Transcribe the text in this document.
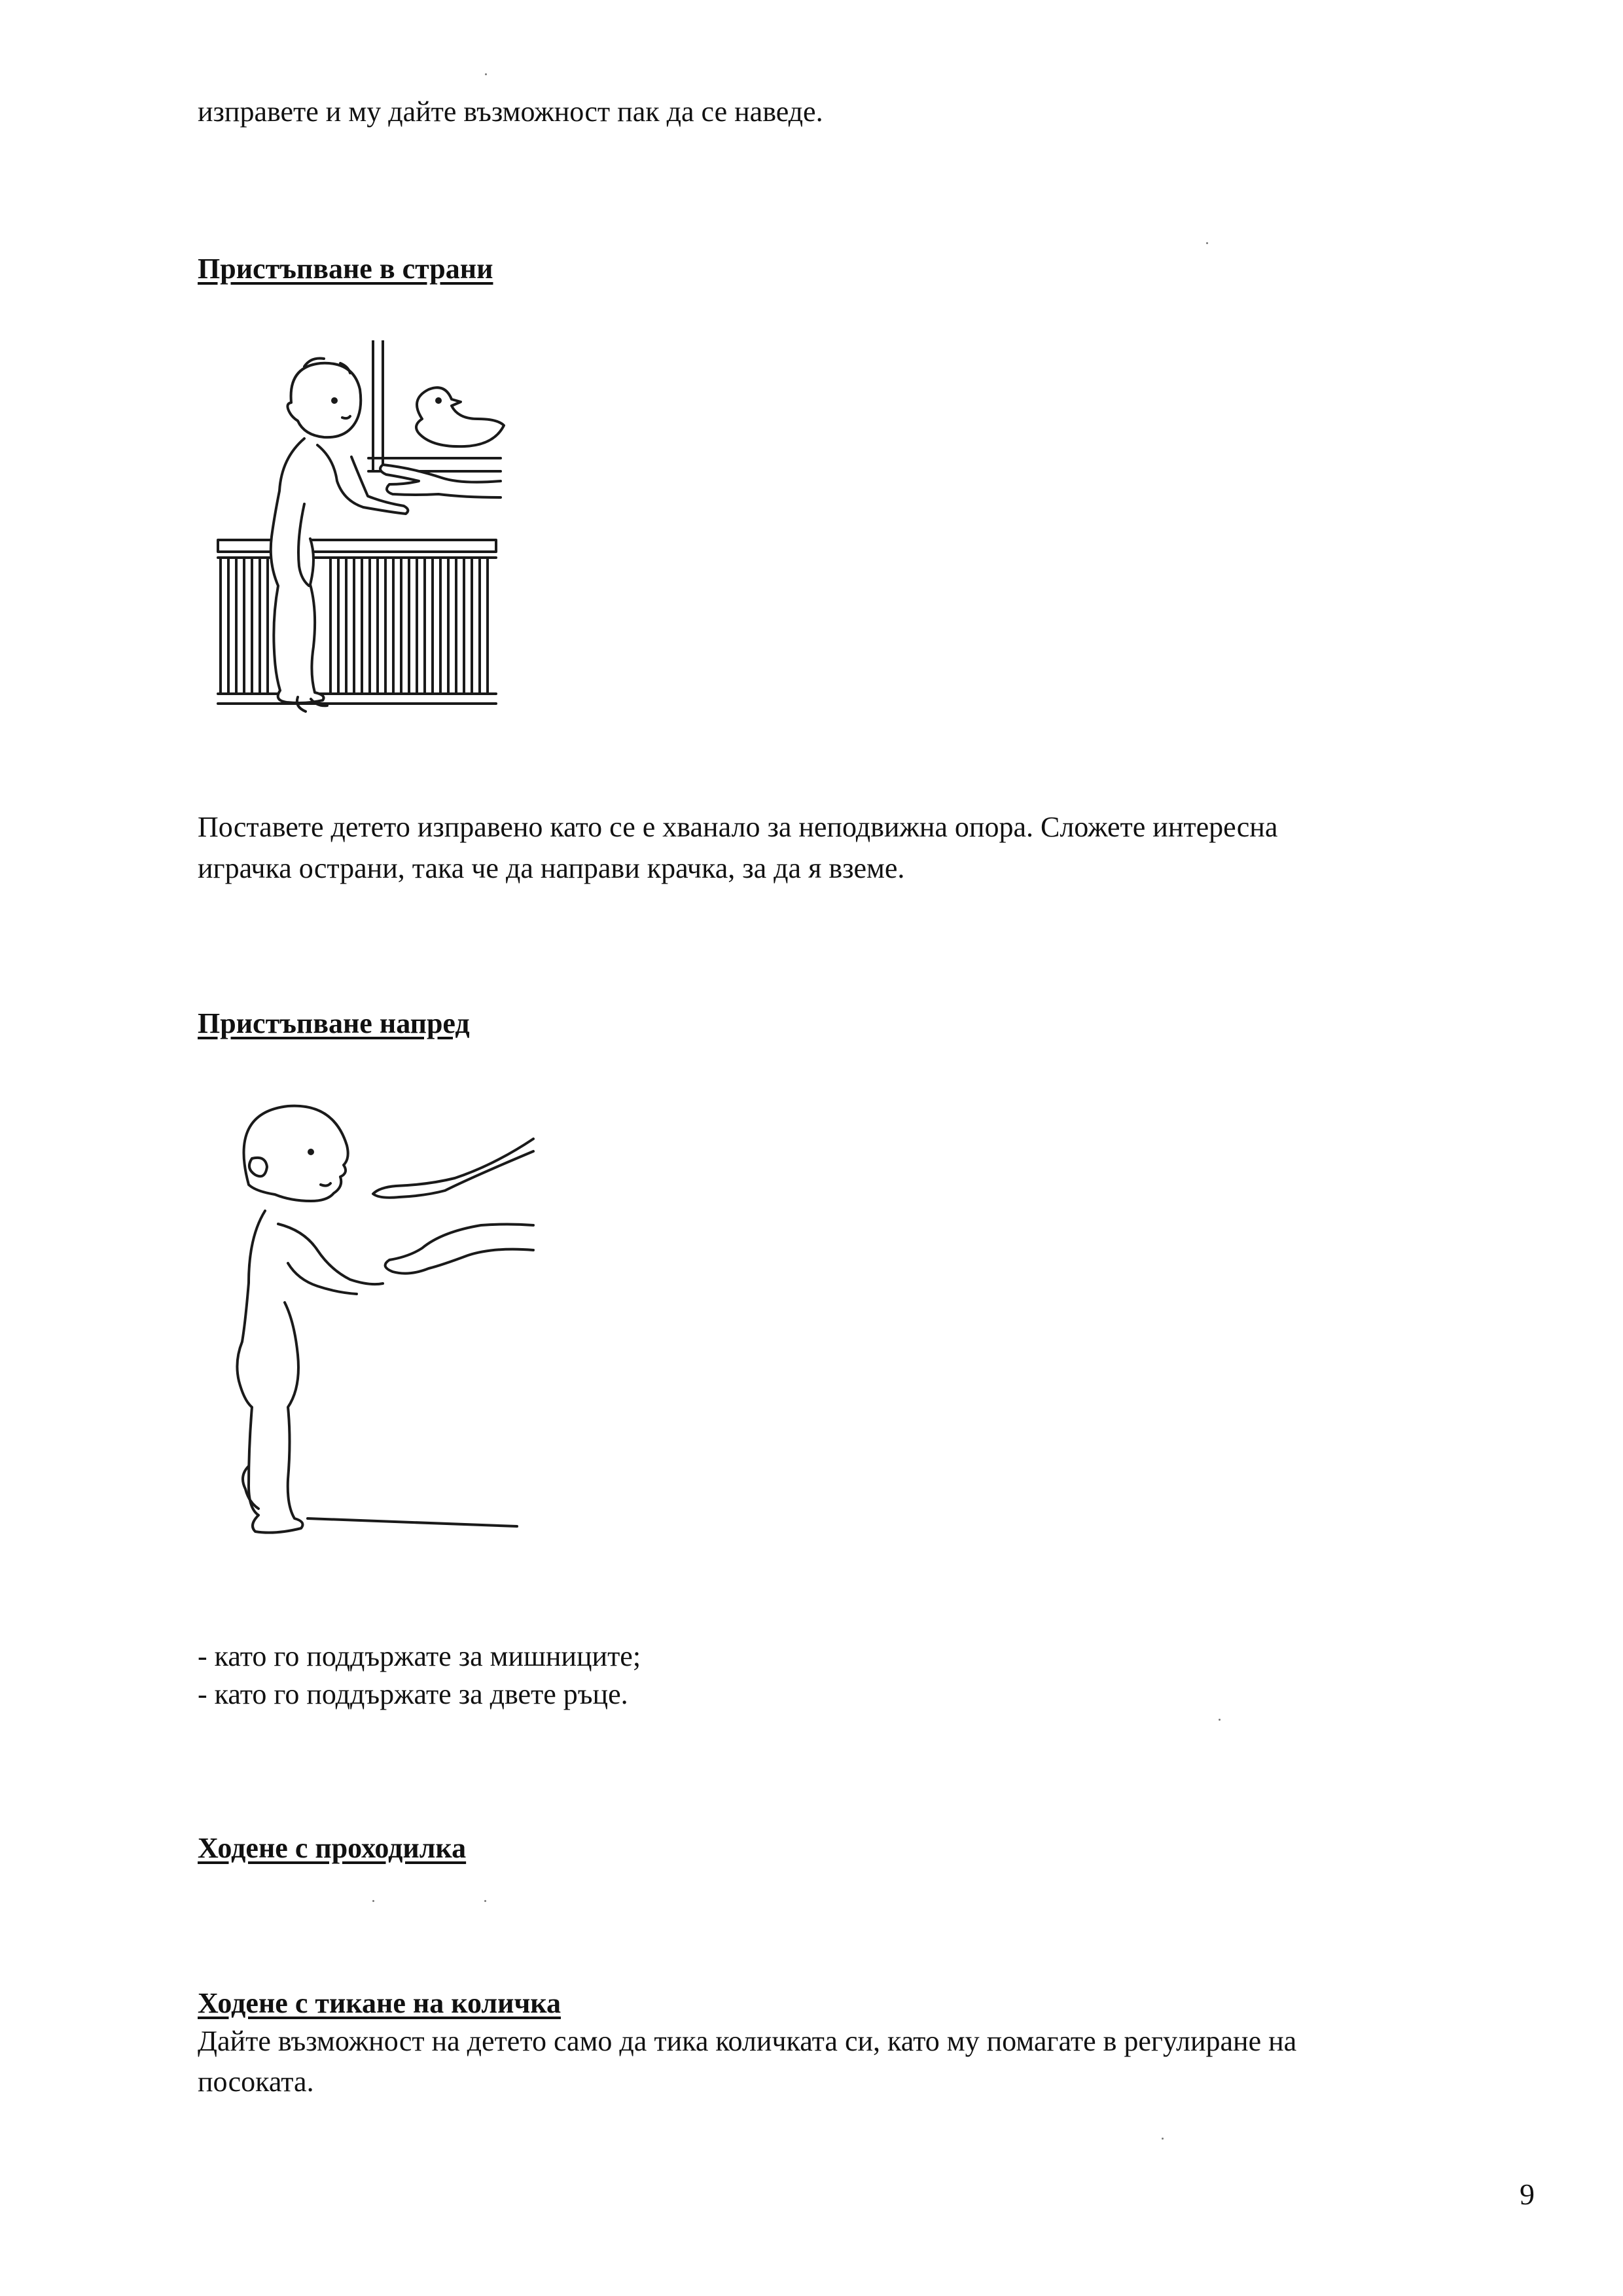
изправете и му дайте възможност пак да се наведе.
Пристъпване в страни
Поставете детето изправено като се е хванало за неподвижна опора. Сложете интересна
играчка острани, така че да направи крачка, за да я вземе.
Пристъпване напред
- като го поддържате за мишниците;
- като го поддържате за двете ръце.
Ходене с проходилка
Ходене с тикане на количка
Дайте възможност на детето само да тика количката си, като му помагате в регулиране на
посоката.
9
